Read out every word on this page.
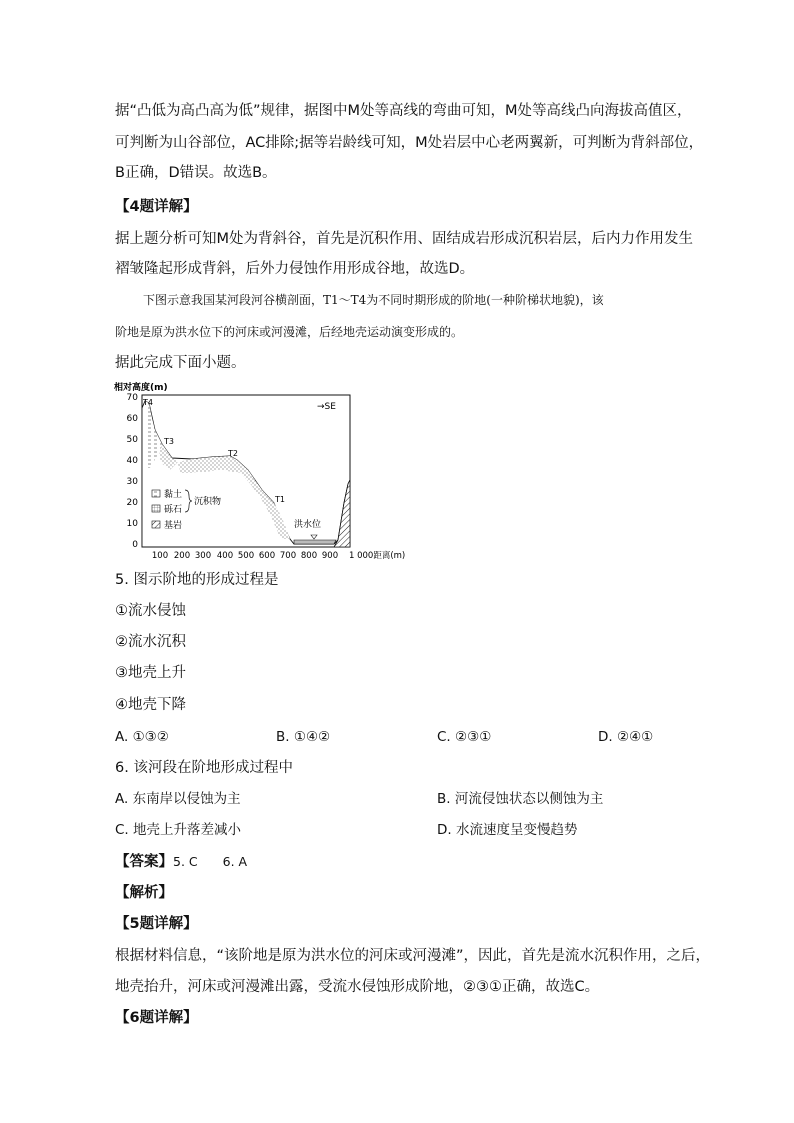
据“凸低为高凸高为低”规律，据图中M处等高线的弯曲可知，M处等高线凸向海拔高值区，
可判断为山谷部位，AC排除;据等岩龄线可知，M处岩层中心老两翼新，可判断为背斜部位，
B正确，D错误。故选B。
【4题详解】
据上题分析可知M处为背斜谷，首先是沉积作用、固结成岩形成沉积岩层，后内力作用发生
褶皱隆起形成背斜，后外力侵蚀作用形成谷地，故选D。
下图示意我国某河段河谷横剖面，T1～T4为不同时期形成的阶地(一种阶梯状地貌)，该
阶地是原为洪水位下的河床或河漫滩，后经地壳运动演变形成的。
据此完成下面小题。
相对高度(m)
70
60
50
40
30
20
10
0
100 200 300 400 500 600 700 800 900 1 000距离(m)
→SE
T4
T3
T2
T1
洪水位
黏土
砾石
沉积物
基岩
5. 图示阶地的形成过程是
①流水侵蚀
②流水沉积
③地壳上升
④地壳下降
A. ①③②	B. ①④②	C. ②③①	D. ②④①
6. 该河段在阶地形成过程中
A. 东南岸以侵蚀为主	B. 河流侵蚀状态以侧蚀为主
C. 地壳上升落差减小	D. 水流速度呈变慢趋势
【答案】5. C　　6. A
【解析】
【5题详解】
根据材料信息，“该阶地是原为洪水位的河床或河漫滩”，因此，首先是流水沉积作用，之后，
地壳抬升，河床或河漫滩出露，受流水侵蚀形成阶地，②③①正确，故选C。
【6题详解】
